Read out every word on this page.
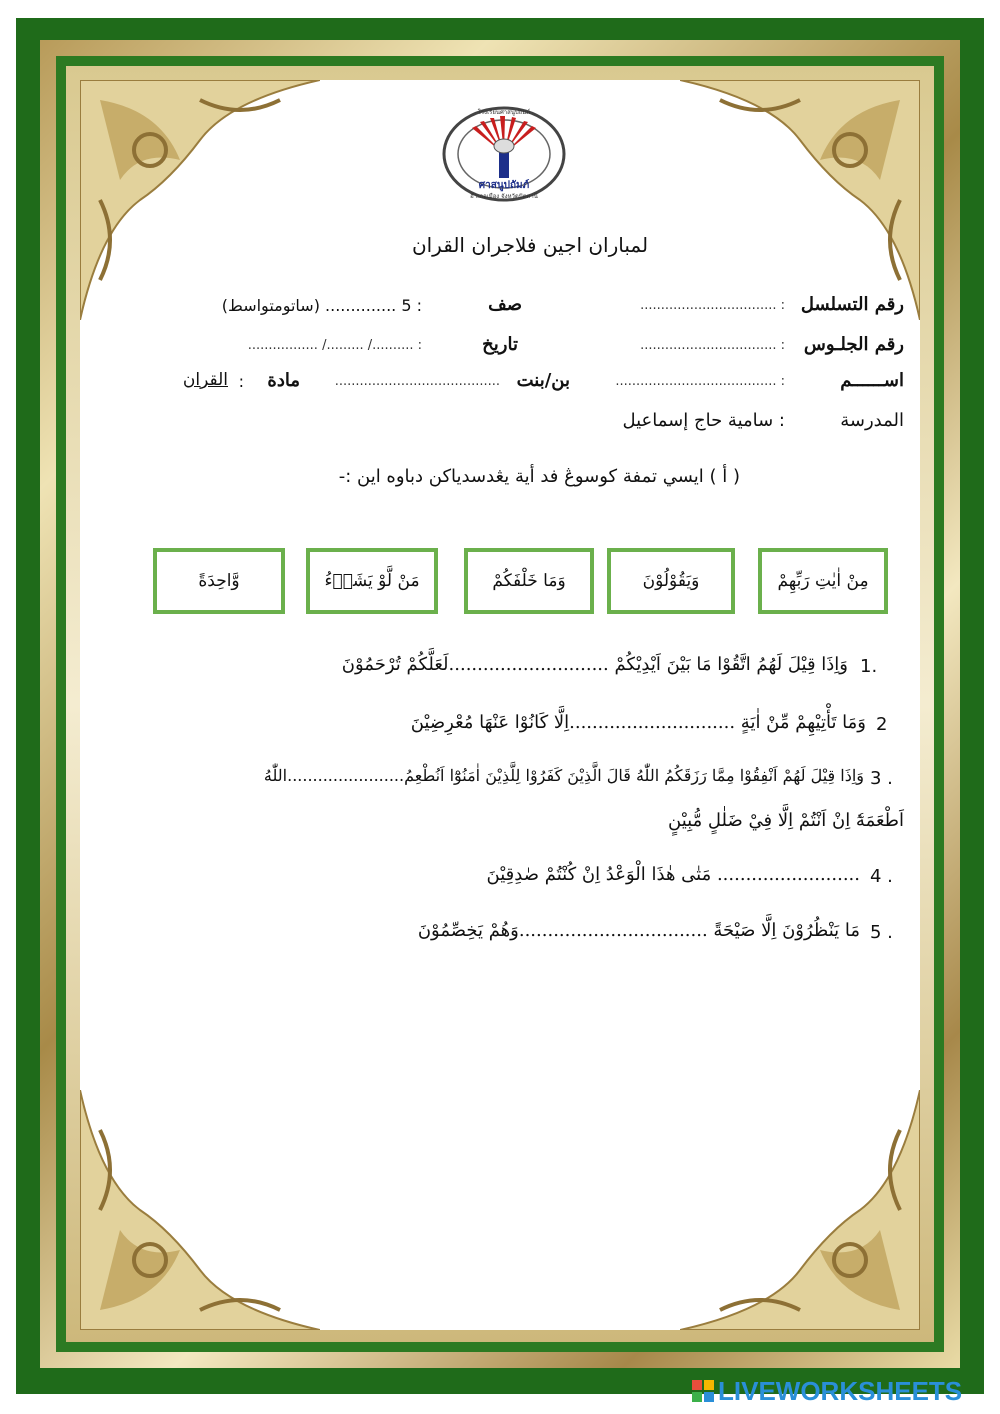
ศาสนูปถัมภ์
โรงเรียนศาสนูปถัมภ์
อำเภอเมือง จังหวัดปัตตานี
لمباران اجين فلاجران القران
رقم التسلسل
: .................................
رقم الجلـوس
: .................................
اســــــم
: .......................................
المدرسة
: سامية حاج إسماعيل
صف
: 5 .............. (ساتومتواسط)
تاريخ
: ........../ ........./ .................
بن/بنت
........................................
مادة
:
القران
( أ ) ايسي تمفة كوسوڠ فد أية يڠدسدياكن دباوه اين :-
مِنْ اٰيٰتِ رَبِّهِمْ
وَيَقُوْلُوْنَ
وَمَا خَلْفَكُمْ
مَنْ لَّوْ يَشَاۤءُ
وَّاحِدَةً
1.
وَاِذَا قِيْلَ لَهُمُ اتَّقُوْا مَا بَيْنَ اَيْدِيْكُمْ ............................لَعَلَّكُمْ تُرْحَمُوْنَ
2
وَمَا تَأْتِيْهِمْ مِّنْ اٰيَةٍ .............................اِلَّا كَانُوْا عَنْهَا مُعْرِضِيْنَ
3 .
وَاِذَا قِيْلَ لَهُمْ اَنْفِقُوْا مِمَّا رَزَقَكُمُ اللّٰهُ قَالَ الَّذِيْنَ كَفَرُوْا لِلَّذِيْنَ اٰمَنُوْٓا اَنُطْعِمُ.......................اللّٰهُ
اَطْعَمَهٗٓ اِنْ اَنْتُمْ اِلَّا فِيْ ضَلٰلٍ مُّبِيْنٍ
4 .
......................... مَتٰى هٰذَا الْوَعْدُ اِنْ كُنْتُمْ صٰدِقِيْنَ
5 .
مَا يَنْظُرُوْنَ اِلَّا صَيْحَةً .................................وَهُمْ يَخِصِّمُوْنَ
LIVEWORKSHEETS
